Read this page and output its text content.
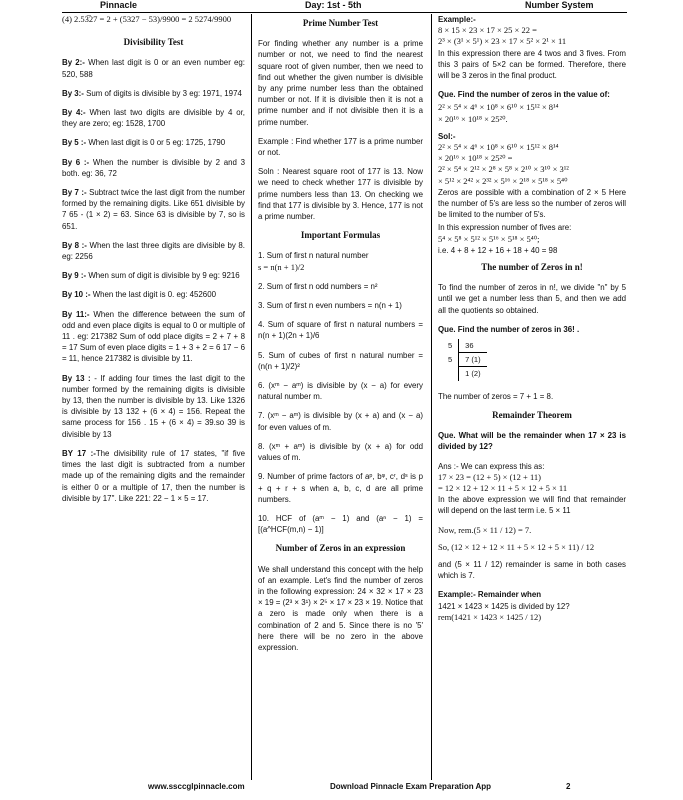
Pinnacle	Day: 1st - 5th	Number System

(4) 2.53̅27 = 2 + (5327 − 53)/9900 = 2 5274/9900

Divisibility Test

By 2:- When last digit is 0 or an even number eg: 520, 588

By 3:- Sum of digits is divisible by 3 eg: 1971, 1974

By 4:- When last two digits are divisible by 4 or, they are zero; eg: 1528, 1700

By 5 :- When last digit is 0 or 5 eg: 1725, 1790

By 6 :- When the number is divisible by 2 and 3 both. eg: 36, 72

By 7 :- Subtract twice the last digit from the number formed by the remaining digits. Like 651 divisible by 7 65 - (1 × 2) = 63. Since 63 is divisible by 7, so is 651.

By 8 :- When the last three digits are divisible by 8. eg: 2256

By 9 :- When sum of digit is divisible by 9 eg: 9216

By 10 :- When the last digit is 0. eg: 452600

By 11:- When the difference between the sum of odd and even place digits is equal to 0 or multiple of 11 . eg: 217382 Sum of odd place digits = 2 + 7 + 8 = 17 Sum of even place digits = 1 + 3 + 2 = 6 17 − 6 = 11, hence 217382 is divisible by 11.

By 13 : - If adding four times the last digit to the number formed by the remaining digits is divisible by 13, then the number is divisible by 13. Like 1326 is divisible by 13 132 + (6 × 4) = 156. Repeat the same process for 156 . 15 + (6 × 4) = 39.so 39 is divisible by 13

BY 17 :-The divisibility rule of 17 states, "if five times the last digit is subtracted from a number made up of the remaining digits and the remainder is either 0 or a multiple of 17, then the number is divisible by 17". Like 221: 22 − 1 × 5 = 17.

Prime Number Test

For finding whether any number is a prime number or not, we need to find the nearest square root of given number, then we need to find out whether the given number is divisible by any prime number less than the obtained number or not. If it is divisible then it is not a prime number and if not divisible then it is a prime number.

Example : Find whether 177 is a prime number or not.

Soln : Nearest square root of 177 is 13. Now we need to check whether 177 is divisible by prime numbers less than 13. On checking we find that 177 is divisible by 3. Hence, 177 is not a prime number.

Important Formulas

1. Sum of first n natural number
s = n(n + 1)/2

2. Sum of first n odd numbers = n²

3. Sum of first n even numbers = n(n + 1)

4. Sum of square of first n natural numbers = n(n + 1)(2n + 1)/6

5. Sum of cubes of first n natural number = (n(n + 1)/2)²

6. (xᵐ − aᵐ) is divisible by (x − a) for every natural number m.

7. (xᵐ − aᵐ) is divisible by (x + a) and (x − a) for even values of m.

8. (xᵐ + aᵐ) is divisible by (x + a) for odd values of m.

9. Number of prime factors of aᵖ, bᵠ, cʳ, dˢ is p + q + r + s when a, b, c, d are all prime numbers.

10. HCF of (aᵐ − 1) and (aⁿ − 1) = [(a^HCF(m,n) − 1)]

Number of Zeros in an expression

We shall understand this concept with the help of an example. Let's find the number of zeros in the following expression: 24 × 32 × 17 × 23 × 19 = (2³ × 3¹) × 2⁵ × 17 × 23 × 19. Notice that a zero is made only when there is a combination of 2 and 5. Since there is no '5' here there will be no zero in the above expression.

Example:-
8 × 15 × 23 × 17 × 25 × 22 =
2³ × (3¹ × 5¹) × 23 × 17 × 5² × 2¹ × 11

In this expression there are 4 twos and 3 fives. From this 3 pairs of 5×2 can be formed. Therefore, there will be 3 zeros in the final product.

Que. Find the number of zeros in the value of:

2² × 5⁴ × 4⁶ × 10⁸ × 6¹⁰ × 15¹² × 8¹⁴
× 20¹⁶ × 10¹⁸ × 25²⁰.
Sol:-
2² × 5⁴ × 4⁶ × 10⁸ × 6¹⁰ × 15¹² × 8¹⁴
× 20¹⁶ × 10¹⁸ × 25²⁰ =
2² × 5⁴ × 2¹² × 2⁸ × 5⁸ × 2¹⁰ × 3¹⁰ × 3¹²
× 5¹² × 2⁴² × 2³² × 5¹⁶ × 2¹⁸ × 5¹⁸ × 5⁴⁰

Zeros are possible with a combination of 2 × 5 Here the number of 5's are less so the number of zeros will be limited to the number of 5's.

In this expression number of fives are:
5⁴ × 5⁸ × 5¹² × 5¹⁶ × 5¹⁸ × 5⁴⁰;
i.e. 4 + 8 + 12 + 16 + 18 + 40 = 98
The number of Zeros in n!

To find the number of zeros in n!, we divide "n" by 5 until we get a number less than 5, and then we add all the quotients so obtained.

Que. Find the number of zeros in 36! .

5	36
5	7 (1)
	1 (2)

The number of zeros = 7 + 1 = 8.

Remainder Theorem

Que. What will be the remainder when 17 × 23 is divided by 12?

Ans :- We can express this as:
17 × 23 = (12 + 5) × (12 + 11)
= 12 × 12 + 12 × 11 + 5 × 12 + 5 × 11

In the above expression we will find that remainder will depend on the last term i.e. 5 × 11

Now, rem.(5 × 11 / 12) = 7.
So, (12 × 12 + 12 × 11 + 5 × 12 + 5 × 11) / 12

and (5 × 11 / 12) remainder is same in both cases which is 7.

Example:- Remainder when
1421 × 1423 × 1425 is divided by 12?
rem(1421 × 1423 × 1425 / 12)
www.ssccglpinnacle.com	Download Pinnacle Exam Preparation App	2
